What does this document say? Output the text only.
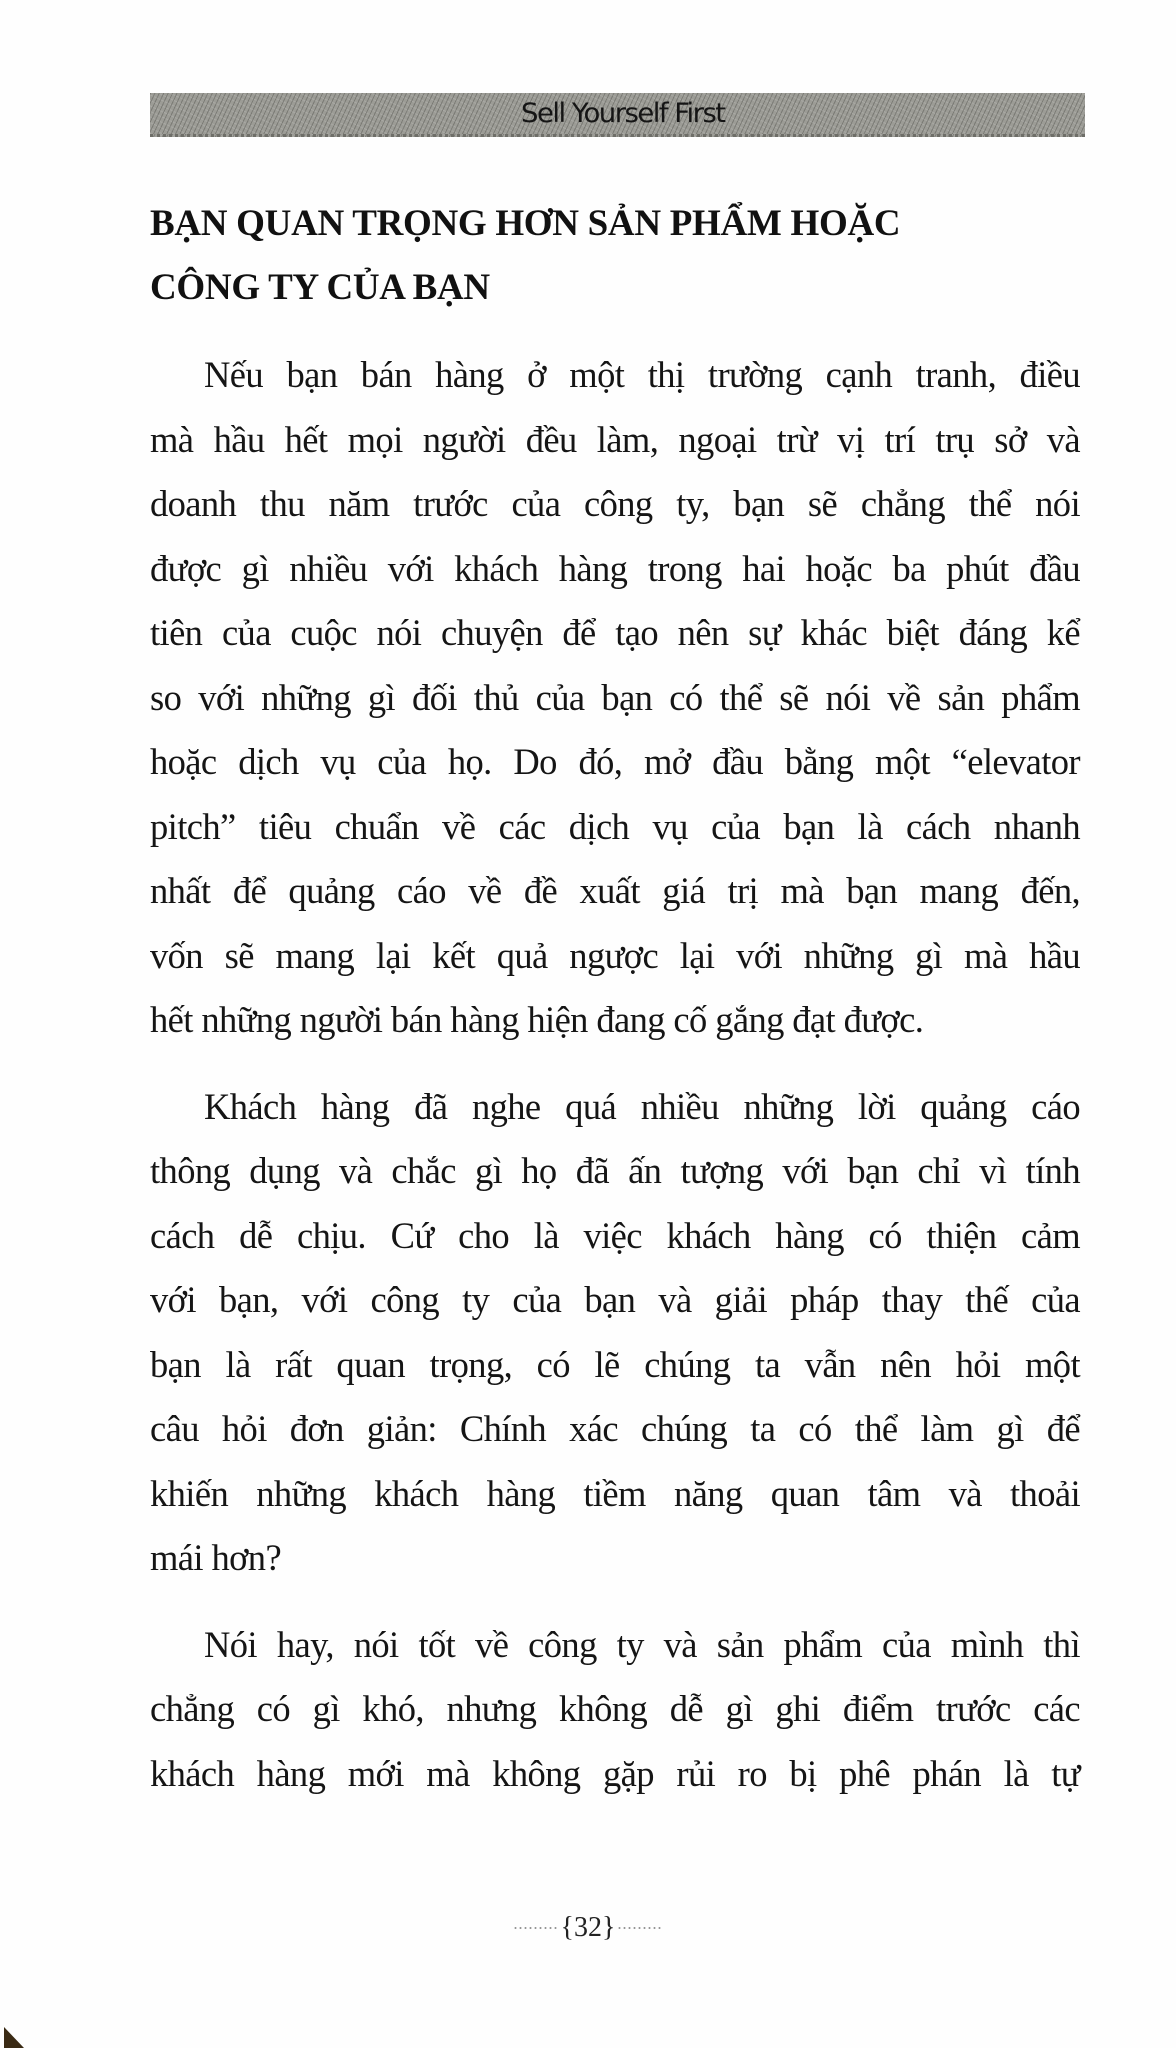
Sell Yourself First
BẠN QUAN TRỌNG HƠN SẢN PHẨM HOẶC
CÔNG TY CỦA BẠN
Nếu bạn bán hàng ở một thị trường cạnh tranh, điều
mà hầu hết mọi người đều làm, ngoại trừ vị trí trụ sở và
doanh thu năm trước của công ty, bạn sẽ chẳng thể nói
được gì nhiều với khách hàng trong hai hoặc ba phút đầu
tiên của cuộc nói chuyện để tạo nên sự khác biệt đáng kể
so với những gì đối thủ của bạn có thể sẽ nói về sản phẩm
hoặc dịch vụ của họ. Do đó, mở đầu bằng một “elevator
pitch” tiêu chuẩn về các dịch vụ của bạn là cách nhanh
nhất để quảng cáo về đề xuất giá trị mà bạn mang đến,
vốn sẽ mang lại kết quả ngược lại với những gì mà hầu
hết những người bán hàng hiện đang cố gắng đạt được.
Khách hàng đã nghe quá nhiều những lời quảng cáo
thông dụng và chắc gì họ đã ấn tượng với bạn chỉ vì tính
cách dễ chịu. Cứ cho là việc khách hàng có thiện cảm
với bạn, với công ty của bạn và giải pháp thay thế của
bạn là rất quan trọng, có lẽ chúng ta vẫn nên hỏi một
câu hỏi đơn giản: Chính xác chúng ta có thể làm gì để
khiến những khách hàng tiềm năng quan tâm và thoải
mái hơn?
Nói hay, nói tốt về công ty và sản phẩm của mình thì
chẳng có gì khó, nhưng không dễ gì ghi điểm trước các
khách hàng mới mà không gặp rủi ro bị phê phán là tự
{32}
